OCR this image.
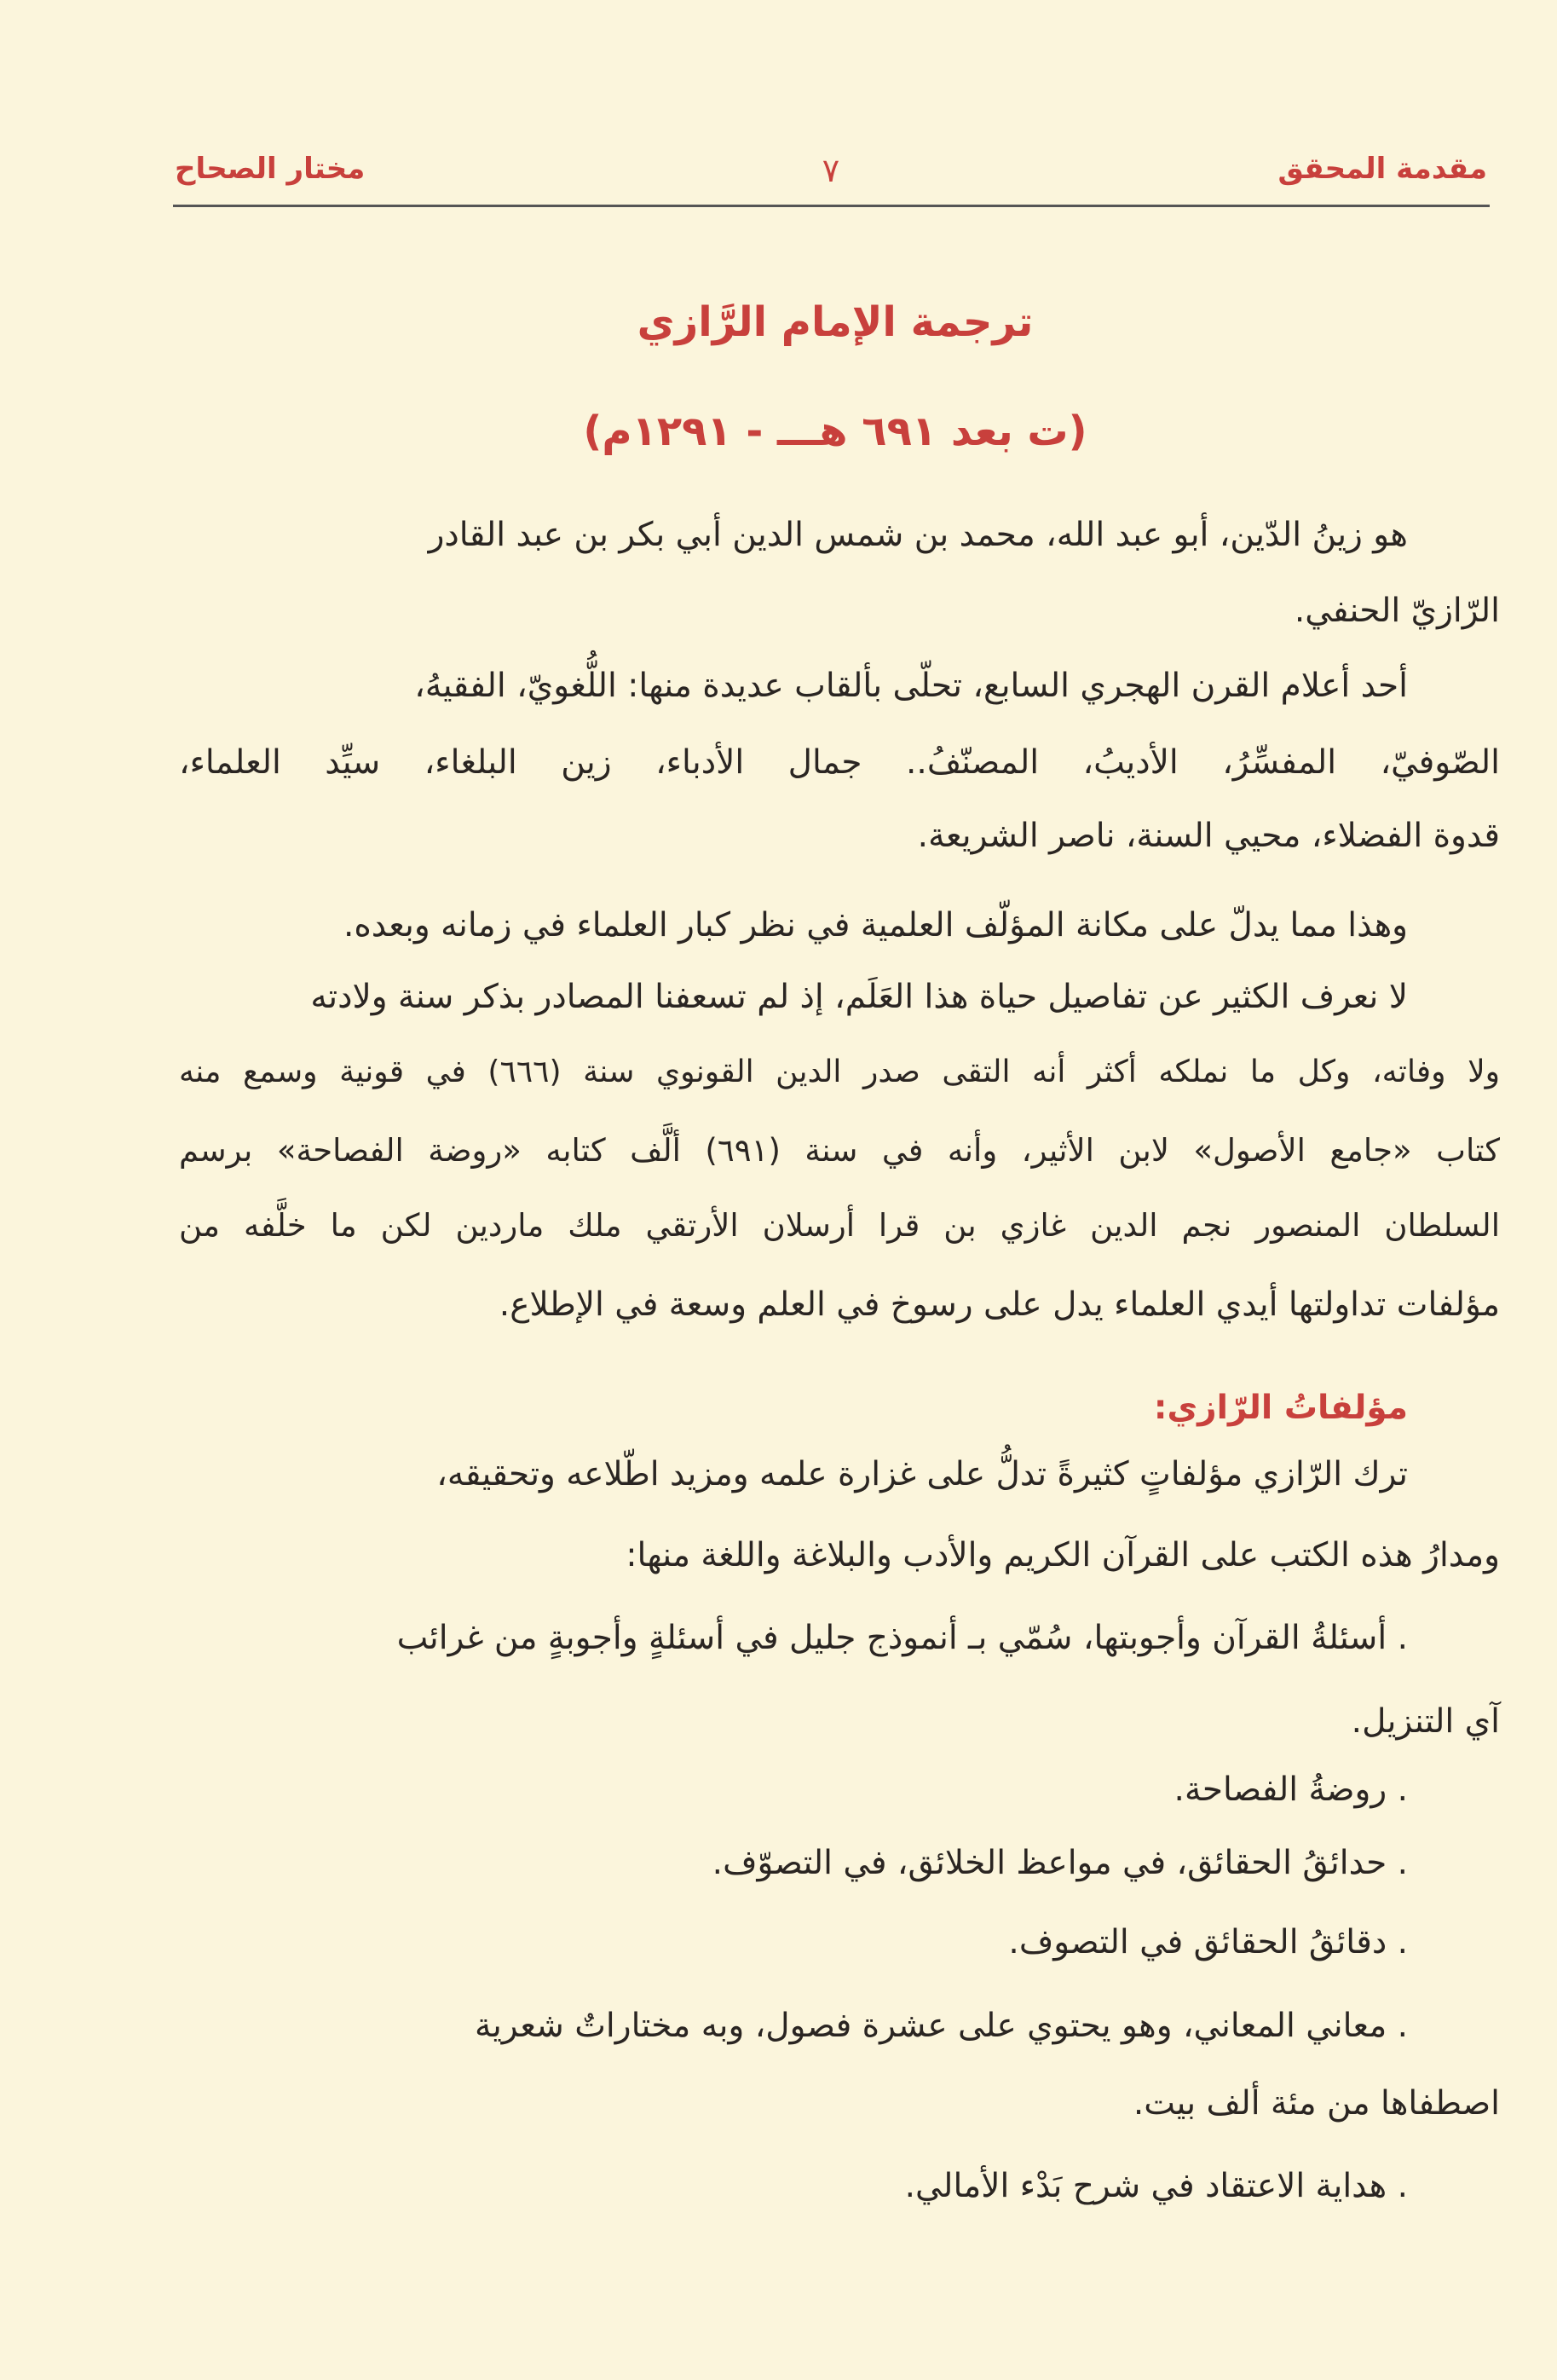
مقدمة المحقق
٧
مختار الصحاح
ترجمة الإمام الرَّازي
(ت بعد ٦٩١ هـــ - ١٢٩١م)
هو زينُ الدّين، أبو عبد الله، محمد بن شمس الدين أبي بكر بن عبد القادر
الرّازيّ الحنفي.
أحد أعلام القرن الهجري السابع، تحلّى بألقاب عديدة منها: اللُّغويّ، الفقيهُ،
الصّوفيّ، المفسِّرُ، الأديبُ، المصنّفُ.. جمال الأدباء، زين البلغاء، سيِّد العلماء،
قدوة الفضلاء، محيي السنة، ناصر الشريعة.
وهذا مما يدلّ على مكانة المؤلّف العلمية في نظر كبار العلماء في زمانه وبعده.
لا نعرف الكثير عن تفاصيل حياة هذا العَلَم، إذ لم تسعفنا المصادر بذكر سنة ولادته
ولا وفاته، وكل ما نملكه أكثر أنه التقى صدر الدين القونوي سنة (٦٦٦) في قونية وسمع منه
كتاب «جامع الأصول» لابن الأثير، وأنه في سنة (٦٩١) ألَّف كتابه «روضة الفصاحة» برسم
السلطان المنصور نجم الدين غازي بن قرا أرسلان الأرتقي ملك ماردين لكن ما خلَّفه من
مؤلفات تداولتها أيدي العلماء يدل على رسوخ في العلم وسعة في الإطلاع.
مؤلفاتُ الرّازي:
ترك الرّازي مؤلفاتٍ كثيرةً تدلُّ على غزارة علمه ومزيد اطّلاعه وتحقيقه،
ومدارُ هذه الكتب على القرآن الكريم والأدب والبلاغة واللغة منها:
. أسئلةُ القرآن وأجوبتها، سُمّي بـ أنموذج جليل في أسئلةٍ وأجوبةٍ من غرائب
آي التنزيل.
. روضةُ الفصاحة.
. حدائقُ الحقائق، في مواعظ الخلائق، في التصوّف.
. دقائقُ الحقائق في التصوف.
. معاني المعاني، وهو يحتوي على عشرة فصول، وبه مختاراتٌ شعرية
اصطفاها من مئة ألف بيت.
. هداية الاعتقاد في شرح بَدْء الأمالي.
